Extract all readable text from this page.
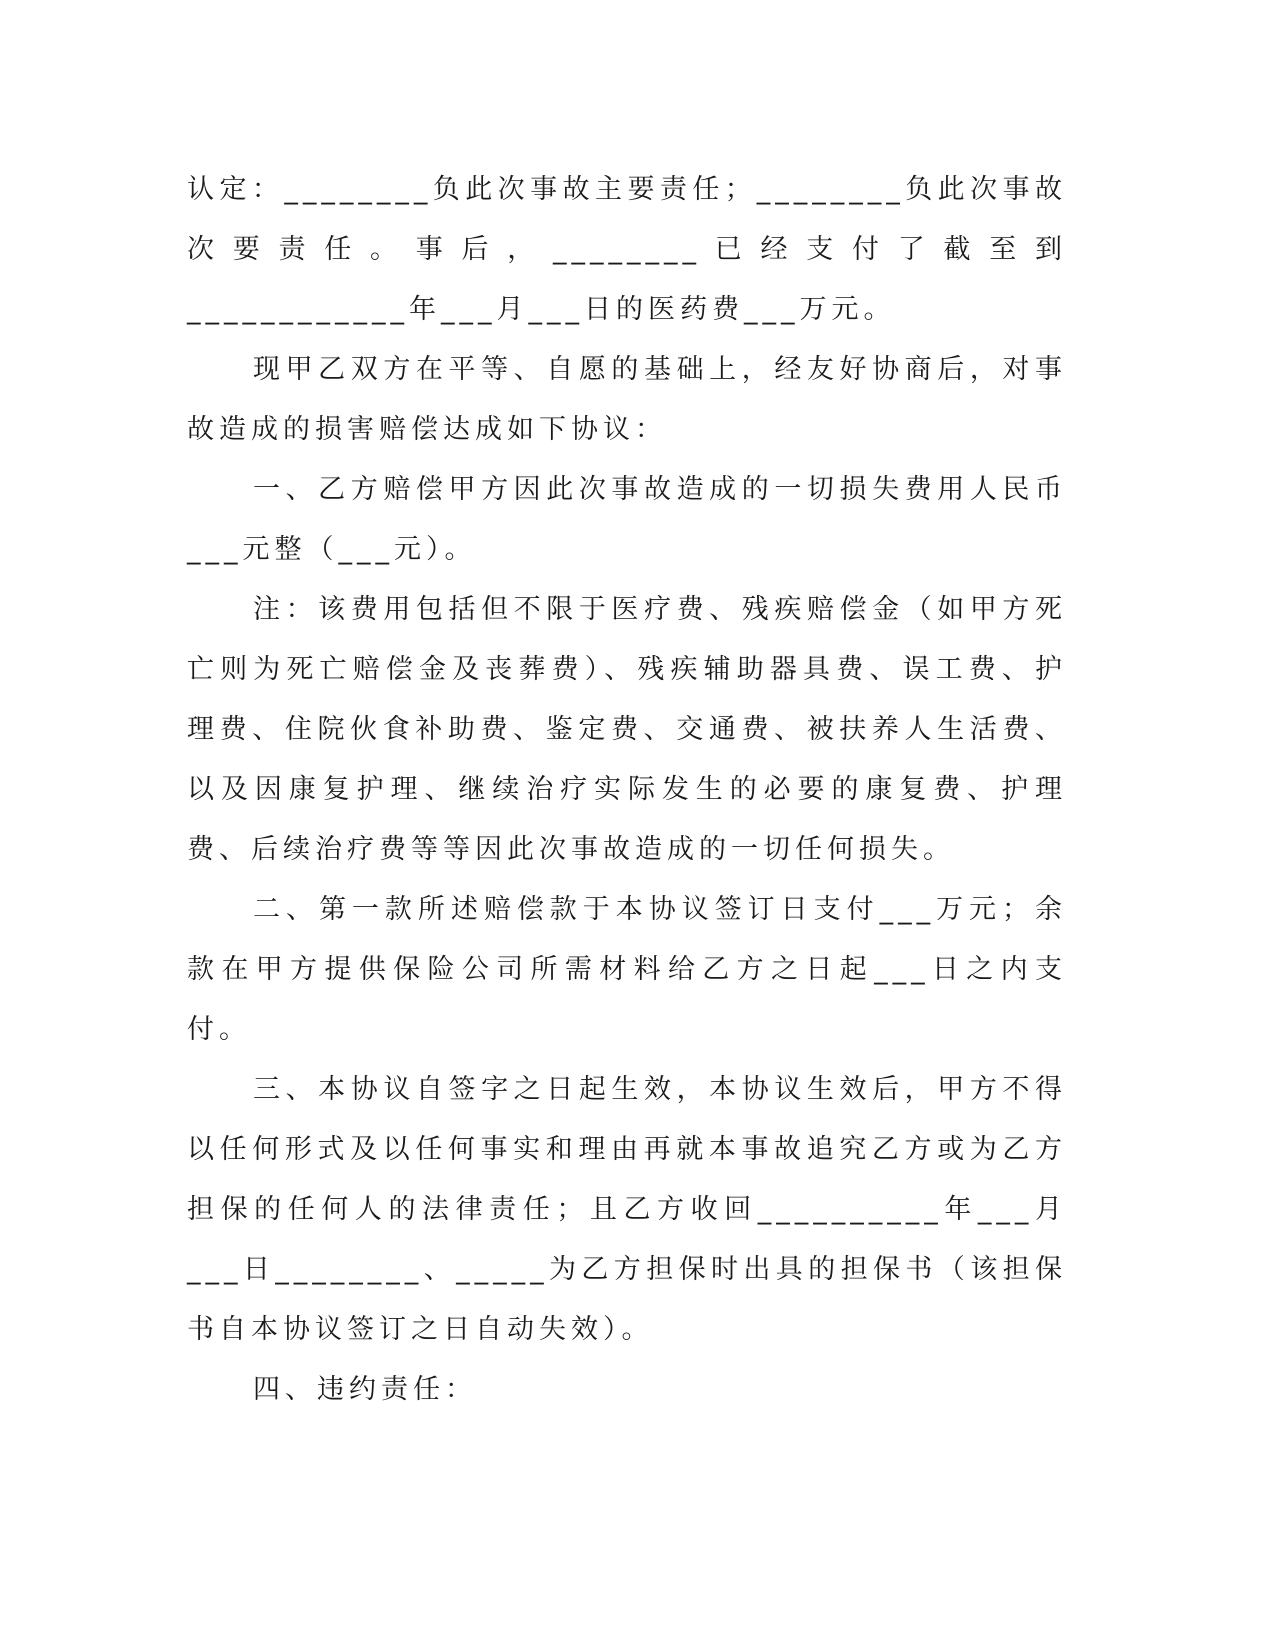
认定：________负此次事故主要责任；________负此次事故次要责任。事后，________已经支付了截至到____________年___月___日的医药费___万元。

现甲乙双方在平等、自愿的基础上，经友好协商后，对事故造成的损害赔偿达成如下协议：

一、乙方赔偿甲方因此次事故造成的一切损失费用人民币___元整（___元）。

注：该费用包括但不限于医疗费、残疾赔偿金（如甲方死亡则为死亡赔偿金及丧葬费）、残疾辅助器具费、误工费、护理费、住院伙食补助费、鉴定费、交通费、被扶养人生活费、以及因康复护理、继续治疗实际发生的必要的康复费、护理费、后续治疗费等等因此次事故造成的一切任何损失。

二、第一款所述赔偿款于本协议签订日支付___万元；余款在甲方提供保险公司所需材料给乙方之日起___日之内支付。

三、本协议自签字之日起生效，本协议生效后，甲方不得以任何形式及以任何事实和理由再就本事故追究乙方或为乙方担保的任何人的法律责任；且乙方收回__________年___月___日________、_____为乙方担保时出具的担保书（该担保书自本协议签订之日自动失效）。

四、违约责任：
